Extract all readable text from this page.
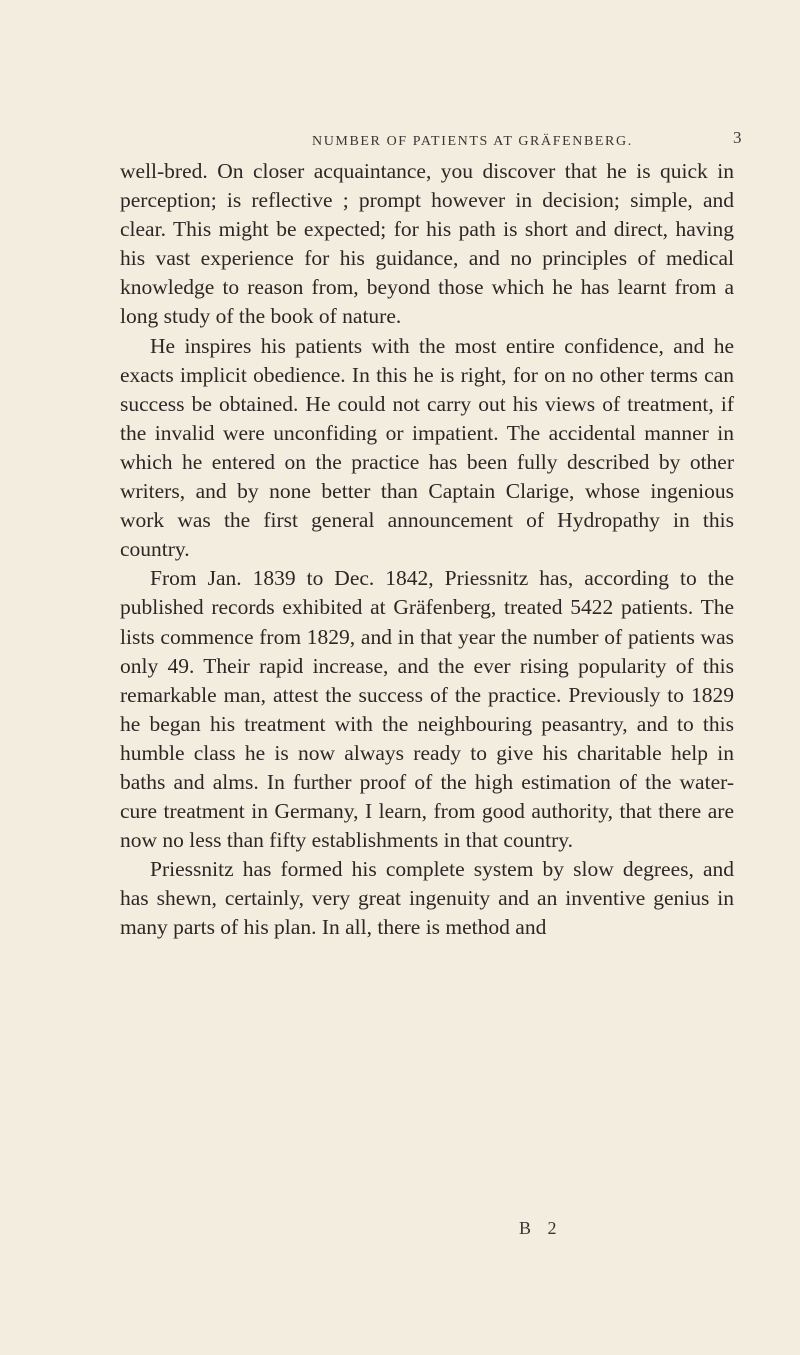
NUMBER OF PATIENTS AT GRÄFENBERG.	3

well-bred. On closer acquaintance, you discover that he is quick in perception; is reflective ; prompt however in decision; simple, and clear. This might be expected; for his path is short and direct, having his vast experience for his guidance, and no principles of medical knowledge to reason from, beyond those which he has learnt from a long study of the book of nature.

He inspires his patients with the most entire confidence, and he exacts implicit obedience. In this he is right, for on no other terms can success be obtained. He could not carry out his views of treatment, if the invalid were unconfiding or impatient. The accidental manner in which he entered on the practice has been fully described by other writers, and by none better than Captain Clarige, whose ingenious work was the first general announcement of Hydropathy in this country.

From Jan. 1839 to Dec. 1842, Priessnitz has, according to the published records exhibited at Gräfenberg, treated 5422 patients. The lists commence from 1829, and in that year the number of patients was only 49. Their rapid increase, and the ever rising popularity of this remarkable man, attest the success of the practice. Previously to 1829 he began his treatment with the neighbouring peasantry, and to this humble class he is now always ready to give his charitable help in baths and alms. In further proof of the high estimation of the water-cure treatment in Germany, I learn, from good authority, that there are now no less than fifty establishments in that country.

Priessnitz has formed his complete system by slow degrees, and has shewn, certainly, very great ingenuity and an inventive genius in many parts of his plan. In all, there is method and

B 2
